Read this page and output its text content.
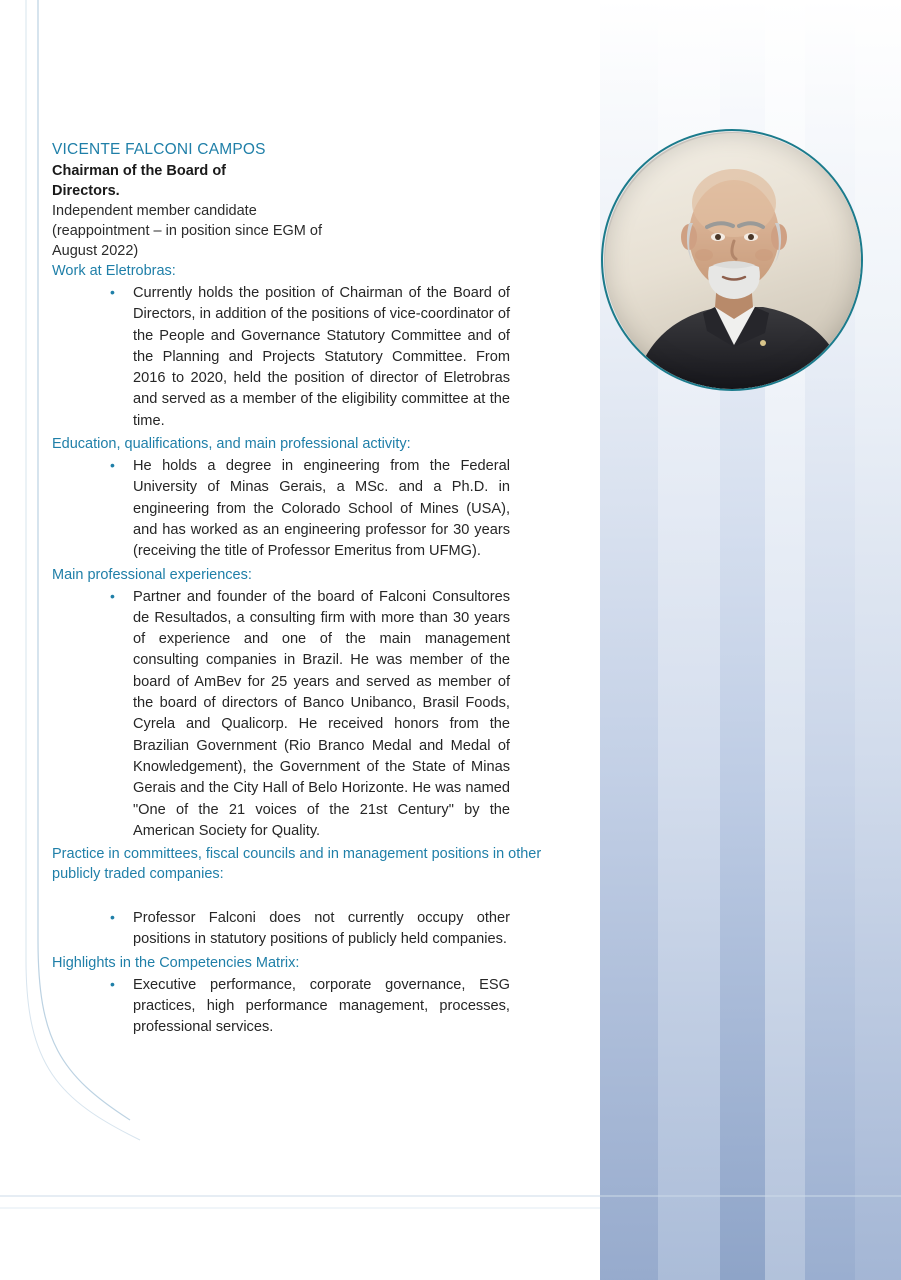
VICENTE FALCONI CAMPOS
Chairman of the Board of Directors.
Independent member candidate
(reappointment – in position since EGM of August 2022)
Work at Eletrobras:
• Currently holds the position of Chairman of the Board of Directors, in addition of the positions of vice-coordinator of the People and Governance Statutory Committee and of the Planning and Projects Statutory Committee. From 2016 to 2020, held the position of director of Eletrobras and served as a member of the eligibility committee at the time.
Education, qualifications, and main professional activity:
• He holds a degree in engineering from the Federal University of Minas Gerais, a MSc. and a Ph.D. in engineering from the Colorado School of Mines (USA), and has worked as an engineering professor for 30 years (receiving the title of Professor Emeritus from UFMG).
Main professional experiences:
• Partner and founder of the board of Falconi Consultores de Resultados, a consulting firm with more than 30 years of experience and one of the main management consulting companies in Brazil. He was member of the board of AmBev for 25 years and served as member of the board of directors of Banco Unibanco, Brasil Foods, Cyrela and Qualicorp. He received honors from the Brazilian Government (Rio Branco Medal and Medal of Knowledgement), the Government of the State of Minas Gerais and the City Hall of Belo Horizonte. He was named "One of the 21 voices of the 21st Century" by the American Society for Quality.
Practice in committees, fiscal councils and in management positions in other publicly traded companies:
• Professor Falconi does not currently occupy other positions in statutory positions of publicly held companies.
Highlights in the Competencies Matrix:
• Executive performance, corporate governance, ESG practices, high performance management, processes, professional services.
